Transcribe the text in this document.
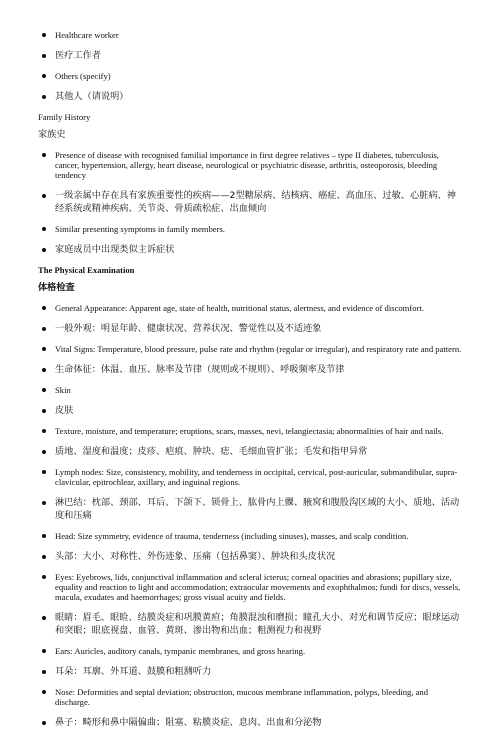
Healthcare worker
医疗工作者
Others (specify)
其他人（请说明）
Family History
家族史
Presence of disease with recognised familial importance in first degree relatives – type II diabetes, tuberculosis, cancer, hypertension, allergy, heart disease, neurological or psychiatric disease, arthritis, osteoporosis, bleeding tendency
一级亲属中存在具有家族重要性的疾病——2型糖尿病、结核病、癌症、高血压、过敏、心脏病、神经系统或精神疾病、关节炎、骨质疏松症、出血倾向
Similar presenting symptoms in family members.
家庭成员中出现类似主诉症状
The Physical Examination
体格检查
General Appearance: Apparent age, state of health, nutritional status, alertness, and evidence of discomfort.
一般外观：明显年龄、健康状况、营养状况、警觉性以及不适迹象
Vital Signs: Temperature, blood pressure, pulse rate and rhythm (regular or irregular), and respiratory rate and pattern.
生命体征：体温、血压、脉率及节律（规则或不规则）、呼吸频率及节律
Skin
皮肤
Texture, moisture, and temperature; eruptions, scars, masses, nevi, telangiectasia; abnormalities of hair and nails.
质地、湿度和温度；皮疹、疤痕、肿块、痣、毛细血管扩张；毛发和指甲异常
Lymph nodes: Size, consistency, mobility, and tenderness in occipital, cervical, post-auricular, submandibular, supra-clavicular, epitrochlear, axillary, and inguinal regions.
淋巴结：枕部、颈部、耳后、下颌下、锁骨上、肱骨内上髁、腋窝和腹股沟区域的大小、质地、活动度和压痛
Head: Size symmetry, evidence of trauma, tenderness (including sinuses), masses, and scalp condition.
头部：大小、对称性、外伤迹象、压痛（包括鼻窦）、肿块和头皮状况
Eyes: Eyebrows, lids, conjunctival inflammation and scleral icterus; corneal opacities and abrasions; pupillary size, equality and reaction to light and accommodation; extraocular movements and exophthalmos; fundi for discs, vessels, macula, exudates and haemorrhages; gross visual acuity and fields.
眼睛：眉毛、眼睑、结膜炎症和巩膜黄疸；角膜混浊和磨损；瞳孔大小、对光和调节反应；眼球运动和突眼；眼底视盘、血管、黄斑、渗出物和出血；粗测视力和视野
Ears: Auricles, auditory canals, tympanic membranes, and gross hearing.
耳朵：耳廓、外耳道、鼓膜和粗测听力
Nose: Deformities and septal deviation; obstruction, mucous membrane inflammation, polyps, bleeding, and discharge.
鼻子：畸形和鼻中隔偏曲；阻塞、粘膜炎症、息肉、出血和分泌物
